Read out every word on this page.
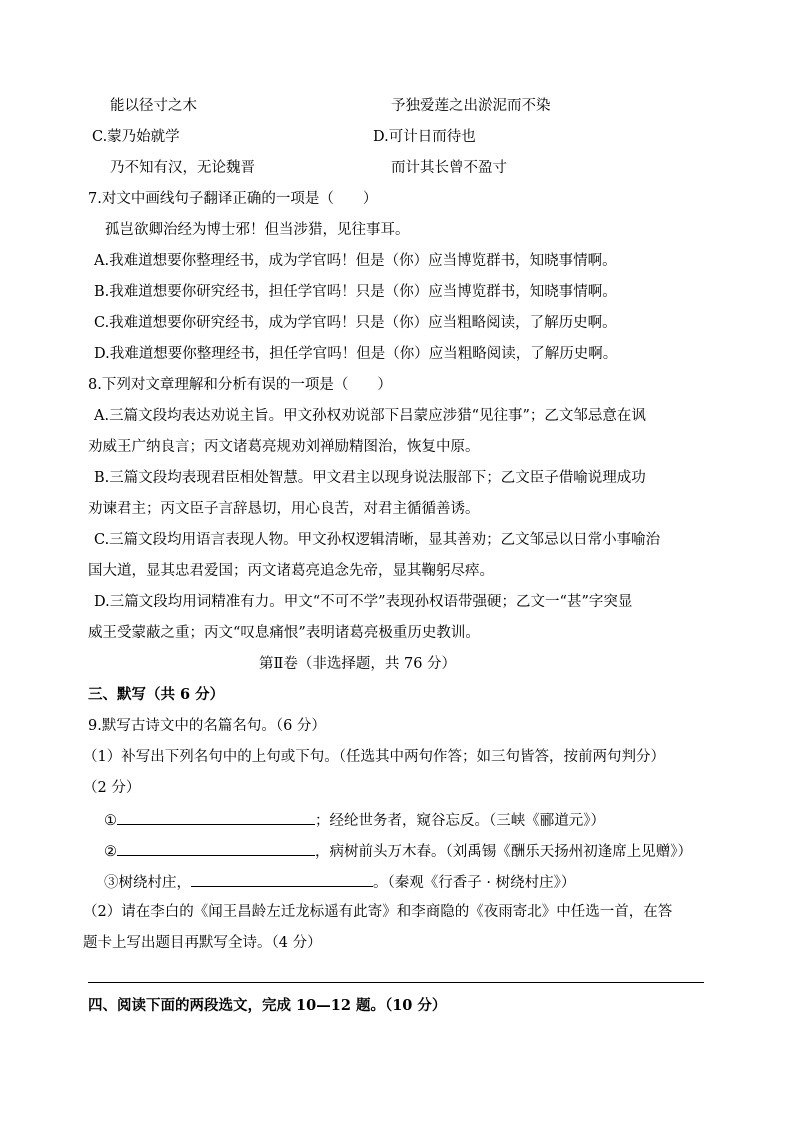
能以径寸之木	予独爱莲之出淤泥而不染
C.蒙乃始就学	D.可计日而待也
乃不知有汉，无论魏晋	而计其长曾不盈寸
7.对文中画线句子翻译正确的一项是（　　）
孤岂欲卿治经为博士邪！但当涉猎，见往事耳。
A.我难道想要你整理经书，成为学官吗！但是（你）应当博览群书，知晓事情啊。
B.我难道想要你研究经书，担任学官吗！只是（你）应当博览群书，知晓事情啊。
C.我难道想要你研究经书，成为学官吗！只是（你）应当粗略阅读，了解历史啊。
D.我难道想要你整理经书，担任学官吗！但是（你）应当粗略阅读，了解历史啊。
8.下列对文章理解和分析有误的一项是（　　）
A.三篇文段均表达劝说主旨。甲文孙权劝说部下吕蒙应涉猎“见往事”；乙文邹忌意在讽
劝威王广纳良言；丙文诸葛亮规劝刘禅励精图治，恢复中原。
B.三篇文段均表现君臣相处智慧。甲文君主以现身说法服部下；乙文臣子借喻说理成功
劝谏君主；丙文臣子言辞恳切，用心良苦，对君主循循善诱。
C.三篇文段均用语言表现人物。甲文孙权逻辑清晰，显其善劝；乙文邹忌以日常小事喻治
国大道，显其忠君爱国；丙文诸葛亮追念先帝，显其鞠躬尽瘁。
D.三篇文段均用词精准有力。甲文“不可不学”表现孙权语带强硬；乙文一“甚”字突显
威王受蒙蔽之重；丙文“叹息痛恨”表明诸葛亮极重历史教训。
第Ⅱ卷（非选择题，共 76 分）
三、默写（共 6 分）
9.默写古诗文中的名篇名句。（6 分）
（1）补写出下列名句中的上句或下句。（任选其中两句作答；如三句皆答，按前两句判分）
（2 分）
①	；经纶世务者，窥谷忘反。（三峡《郦道元》）
②	，病树前头万木春。（刘禹锡《酬乐天扬州初逢席上见赠》）
③树绕村庄，	。（秦观《行香子 · 树绕村庄》）
（2）请在李白的《闻王昌龄左迁龙标遥有此寄》和李商隐的《夜雨寄北》中任选一首，在答
题卡上写出题目再默写全诗。（4 分）
四、阅读下面的两段选文，完成 10—12 题。（10 分）
